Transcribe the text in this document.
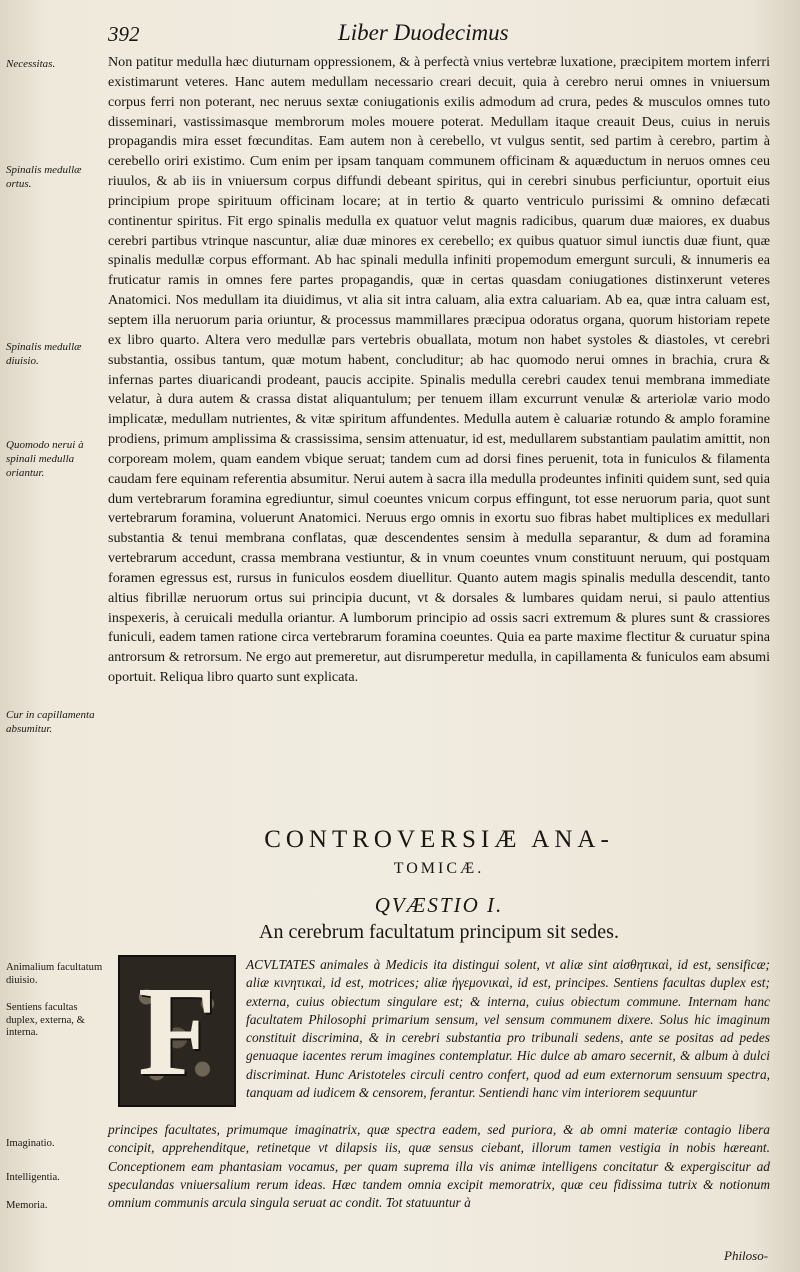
392	Liber Duodecimus
Necessitas.
Spinalis medullæ ortus.
Spinalis medullæ diuisio.
Quomodo nerui à spinali medulla oriantur.
Cur in capillamenta absumitur.

Non patitur medulla hæc diuturnam oppressionem, & à perfectà vnius vertebræ luxatione, præcipitem mortem inferri existimarunt veteres. Hanc autem medullam necessario creari decuit, quia à cerebro nerui omnes in vniuersum corpus ferri non poterant, nec neruus sextæ coniugationis exilis admodum ad crura, pedes & musculos omnes tuto disseminari, vastissimasque membrorum moles mouere poterat. Medullam itaque creauit Deus, cuius in neruis propagandis mira esset fœcunditas. Eam autem non à cerebello, vt vulgus sentit, sed partim à cerebro, partim à cerebello oriri existimo. Cum enim per ipsam tanquam communem officinam & aquæductum in neruos omnes ceu riuulos, & ab iis in vniuersum corpus diffundi debeant spiritus, qui in cerebri sinubus perficiuntur, oportuit eius principium prope spirituum officinam locare; at in tertio & quarto ventriculo purissimi & omnino defæcati continentur spiritus. Fit ergo spinalis medulla ex quatuor velut magnis radicibus, quarum duæ maiores, ex duabus cerebri partibus vtrinque nascuntur, aliæ duæ minores ex cerebello; ex quibus quatuor simul iunctis duæ fiunt, quæ spinalis medullæ corpus efformant. Ab hac spinali medulla infiniti propemodum emergunt surculi, & innumeris ea fruticatur ramis in omnes fere partes propagandis, quæ in certas quasdam coniugationes distinxerunt veteres Anatomici. Nos medullam ita diuidimus, vt alia sit intra caluam, alia extra caluariam. Ab ea, quæ intra caluam est, septem illa neruorum paria oriuntur, & processus mammillares præcipua odoratus organa, quorum historiam repete ex libro quarto. Altera vero medullæ pars vertebris obuallata, motum non habet systoles & diastoles, vt cerebri substantia, ossibus tantum, quæ motum habent, concluditur; ab hac quomodo nerui omnes in brachia, crura & infernas partes diuaricandi prodeant, paucis accipite. Spinalis medulla cerebri caudex tenui membrana immediate velatur, à dura autem & crassa distat aliquantulum; per tenuem illam excurrunt venulæ & arteriolæ vario modo implicatæ, medullam nutrientes, & vitæ spiritum affundentes. Medulla autem è caluariæ rotundo & amplo foramine prodiens, primum amplissima & crassissima, sensim attenuatur, id est, medullarem substantiam paulatim amittit, non corpoream molem, quam eandem vbique seruat; tandem cum ad dorsi fines peruenit, tota in funiculos & filamenta caudam fere equinam referentia absumitur. Nerui autem à sacra illa medulla prodeuntes infiniti quidem sunt, sed quia dum vertebrarum foramina egrediuntur, simul coeuntes vnicum corpus effingunt, tot esse neruorum paria, quot sunt vertebrarum foramina, voluerunt Anatomici. Neruus ergo omnis in exortu suo fibras habet multiplices ex medullari substantia & tenui membrana conflatas, quæ descendentes sensim à medulla separantur, & dum ad foramina vertebrarum accedunt, crassa membrana vestiuntur, & in vnum coeuntes vnum constituunt neruum, qui postquam foramen egressus est, rursus in funiculos eosdem diuellitur. Quanto autem magis spinalis medulla descendit, tanto altius fibrillæ neruorum ortus sui principia ducunt, vt & dorsales & lumbares quidam nerui, si paulo attentius inspexeris, à ceruicali medulla oriantur. A lumborum principio ad ossis sacri extremum & plures sunt & crassiores funiculi, eadem tamen ratione circa vertebrarum foramina coeuntes. Quia ea parte maxime flectitur & curuatur spina antrorsum & retrorsum. Ne ergo aut premeretur, aut disrumperetur medulla, in capillamenta & funiculos eam absumi oportuit. Reliqua libro quarto sunt explicata.

CONTROVERSIÆ ANA-
TOMICÆ.
QVÆSTIO I.
An cerebrum facultatum principum sit sedes.
Animalium facultatum diuisio.
Sentiens facultas duplex, externa, & interna.
Imaginatio.
Intelligentia.
Memoria.
F	ACVLTATES animales à Medicis ita distingui solent, vt aliæ sint αἰσθητικαὶ, id est, sensificæ; aliæ κινητικαὶ, id est, motrices; aliæ ἡγεμονικαὶ, id est, principes. Sentiens facultas duplex est; externa, cuius obiectum singulare est; & interna, cuius obiectum commune. Internam hanc facultatem Philosophi primarium sensum, vel sensum communem dixere. Solus hic imaginum constituit discrimina, & in cerebri substantia pro tribunali sedens, ante se positas ad pedes genuaque iacentes rerum imagines contemplatur. Hic dulce ab amaro secernit, & album à dulci discriminat. Hunc Aristoteles circuli centro confert, quod ad eum externorum sensuum spectra, tanquam ad iudicem & censorem, ferantur. Sentiendi hanc vim interiorem sequuntur

principes facultates, primumque imaginatrix, quæ spectra eadem, sed puriora, & ab omni materiæ contagio libera concipit, apprehenditque, retinetque vt dilapsis iis, quæ sensus ciebant, illorum tamen vestigia in nobis hæreant. Conceptionem eam phantasiam vocamus, per quam suprema illa vis animæ intelligens concitatur & expergiscitur ad speculandas vniuersalium rerum ideas. Hæc tandem omnia excipit memoratrix, quæ ceu fidissima tutrix & notionum omnium communis arcula singula seruat ac condit. Tot statuuntur à

Philoso-
